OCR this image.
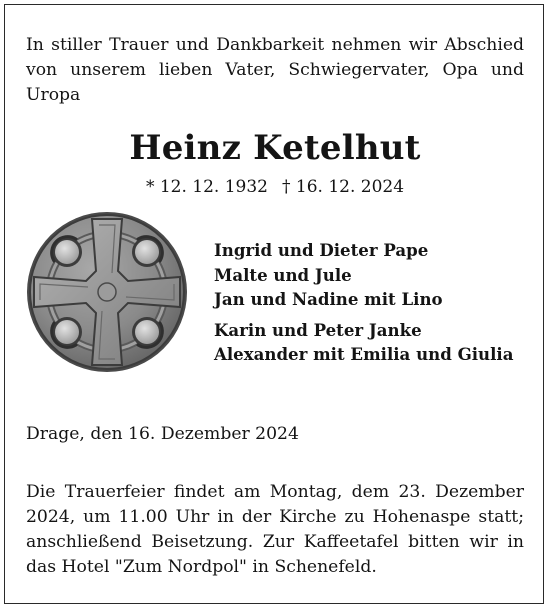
In stiller Trauer und Dankbarkeit nehmen wir Abschied von unserem lieben Vater, Schwiegervater, Opa und Uropa
Heinz Ketelhut
* 12. 12. 1932 † 16. 12. 2024
Ingrid und Dieter Pape
Malte und Jule
Jan und Nadine mit Lino
Karin und Peter Janke
Alexander mit Emilia und Giulia
Drage, den 16. Dezember 2024
Die Trauerfeier findet am Montag, dem 23. Dezember 2024, um 11.00 Uhr in der Kirche zu Hohenaspe statt; anschließend Beisetzung. Zur Kaffeetafel bitten wir in das Hotel "Zum Nordpol" in Schenefeld.
